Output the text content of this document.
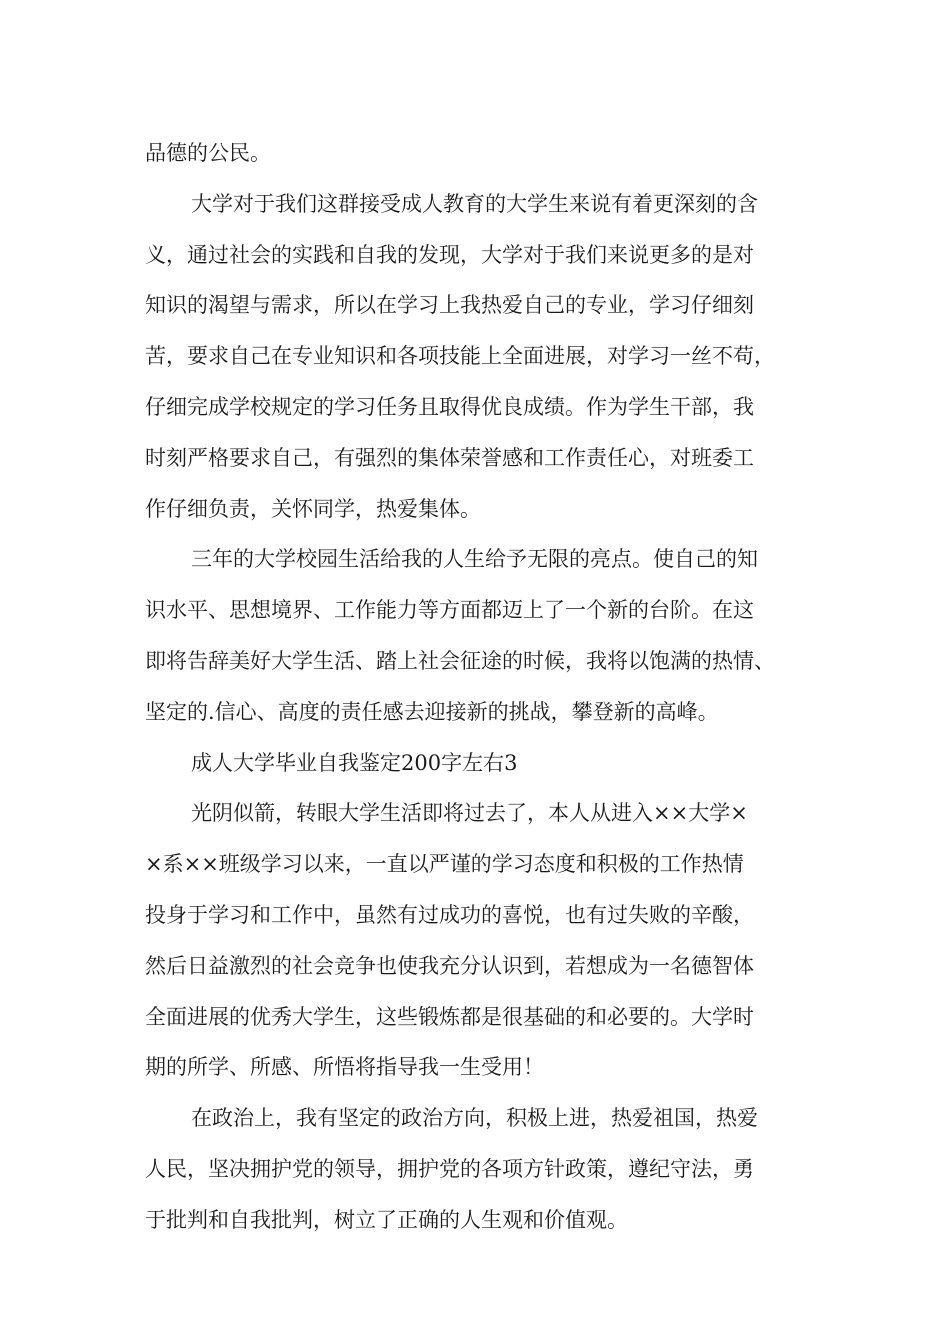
品德的公民。
大学对于我们这群接受成人教育的大学生来说有着更深刻的含
义，通过社会的实践和自我的发现，大学对于我们来说更多的是对
知识的渴望与需求，所以在学习上我热爱自己的专业，学习仔细刻
苦，要求自己在专业知识和各项技能上全面进展，对学习一丝不苟，
仔细完成学校规定的学习任务且取得优良成绩。作为学生干部，我
时刻严格要求自己，有强烈的集体荣誉感和工作责任心，对班委工
作仔细负责，关怀同学，热爱集体。
三年的大学校园生活给我的人生给予无限的亮点。使自己的知
识水平、思想境界、工作能力等方面都迈上了一个新的台阶。在这
即将告辞美好大学生活、踏上社会征途的时候，我将以饱满的热情、
坚定的.信心、高度的责任感去迎接新的挑战，攀登新的高峰。
成人大学毕业自我鉴定200字左右3
光阴似箭，转眼大学生活即将过去了，本人从进入××大学×
×系××班级学习以来，一直以严谨的学习态度和积极的工作热情
投身于学习和工作中，虽然有过成功的喜悦，也有过失败的辛酸，
然后日益激烈的社会竞争也使我充分认识到，若想成为一名德智体
全面进展的优秀大学生，这些锻炼都是很基础的和必要的。大学时
期的所学、所感、所悟将指导我一生受用！
在政治上，我有坚定的政治方向，积极上进，热爱祖国，热爱
人民，坚决拥护党的领导，拥护党的各项方针政策，遵纪守法，勇
于批判和自我批判，树立了正确的人生观和价值观。
